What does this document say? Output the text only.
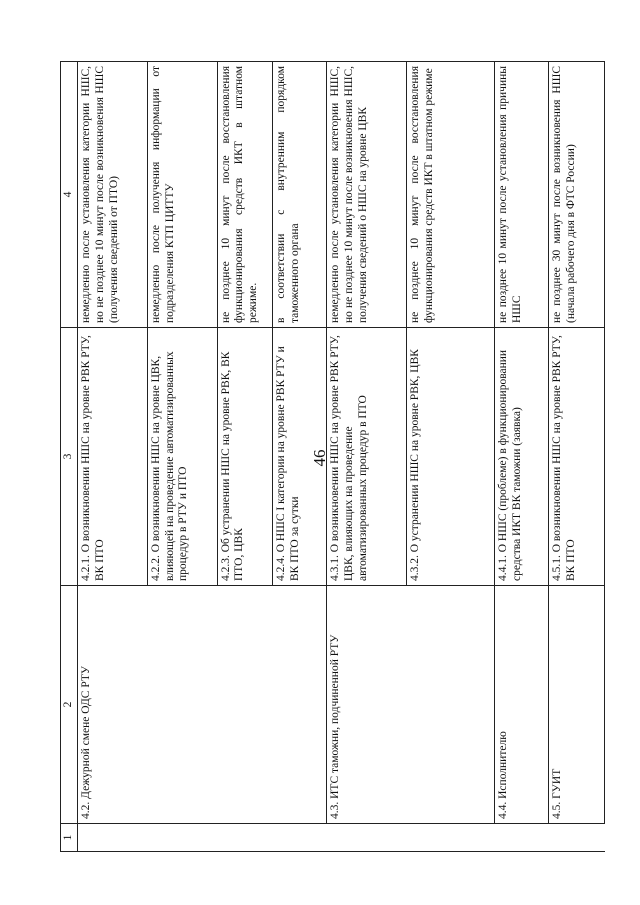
46
1	2	3	4
	4.2. Дежурной смене ОДС РТУ	4.2.1. О возникновении НШС на уровне РВК РТУ, ВК ПТО	немедленно после установления категории НШС, но не позднее 10 минут после возникновения НШС (получения сведений от ПТО)
		4.2.2. О возникновении НШС на уровне ЦВК, влияющей на проведение автоматизированных процедур в РТУ и ПТО	немедленно после получения информации от подразделения КТП ЦИТТУ
		4.2.3. Об устранении НШС на уровне РВК, ВК ПТО, ЦВК	не позднее 10 минут после восстановления функционирования средств ИКТ в штатном режиме.
		4.2.4. О НШС I категории на уровне РВК РТУ и ВК ПТО за сутки	в соответствии с внутренним порядком таможенного органа
	4.3. ИТС таможни, подчиненной РТУ	4.3.1. О возникновении НШС на уровне РВК РТУ, ЦВК, влияющих на проведение автоматизированных процедур в ПТО	немедленно после установления категории НШС, но не позднее 10 минут после возникновения НШС, получения сведений о НШС на уровне ЦВК
		4.3.2. О устранении НШС на уровне РВК, ЦВК	не позднее 10 минут после восстановления функционирования средств ИКТ в штатном режиме
	4.4. Исполнителю	4.4.1. О НШС (проблеме) в функционировании средства ИКТ ВК таможни (заявка)	не позднее 10 минут после установления причины НШС
	4.5. ГУИТ	4.5.1. О возникновении НШС на уровне РВК РТУ, ВК ПТО	не позднее 30 минут после возникновения НШС (начала рабочего дня в ФТС России)
